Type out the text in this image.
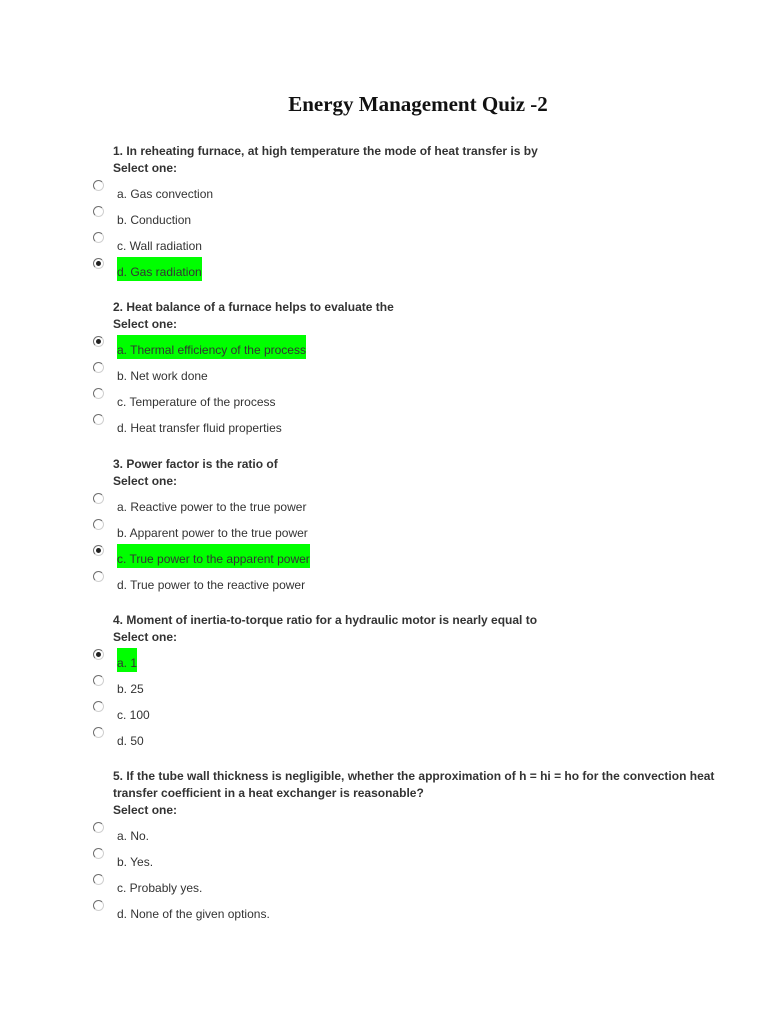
Energy Management Quiz -2
1. In reheating furnace, at high temperature the mode of heat transfer is by
Select one:
a. Gas convection
b. Conduction
c. Wall radiation
d. Gas radiation
2. Heat balance of a furnace helps to evaluate the
Select one:
a. Thermal efficiency of the process
b. Net work done
c. Temperature of the process
d. Heat transfer fluid properties
3. Power factor is the ratio of
Select one:
a. Reactive power to the true power
b. Apparent power to the true power
c. True power to the apparent power
d. True power to the reactive power
4. Moment of inertia-to-torque ratio for a hydraulic motor is nearly equal to
Select one:
a. 1
b. 25
c. 100
d. 50
5. If the tube wall thickness is negligible, whether the approximation of h = hi = ho for the convection heat transfer coefficient in a heat exchanger is reasonable?
Select one:
a. No.
b. Yes.
c. Probably yes.
d. None of the given options.
